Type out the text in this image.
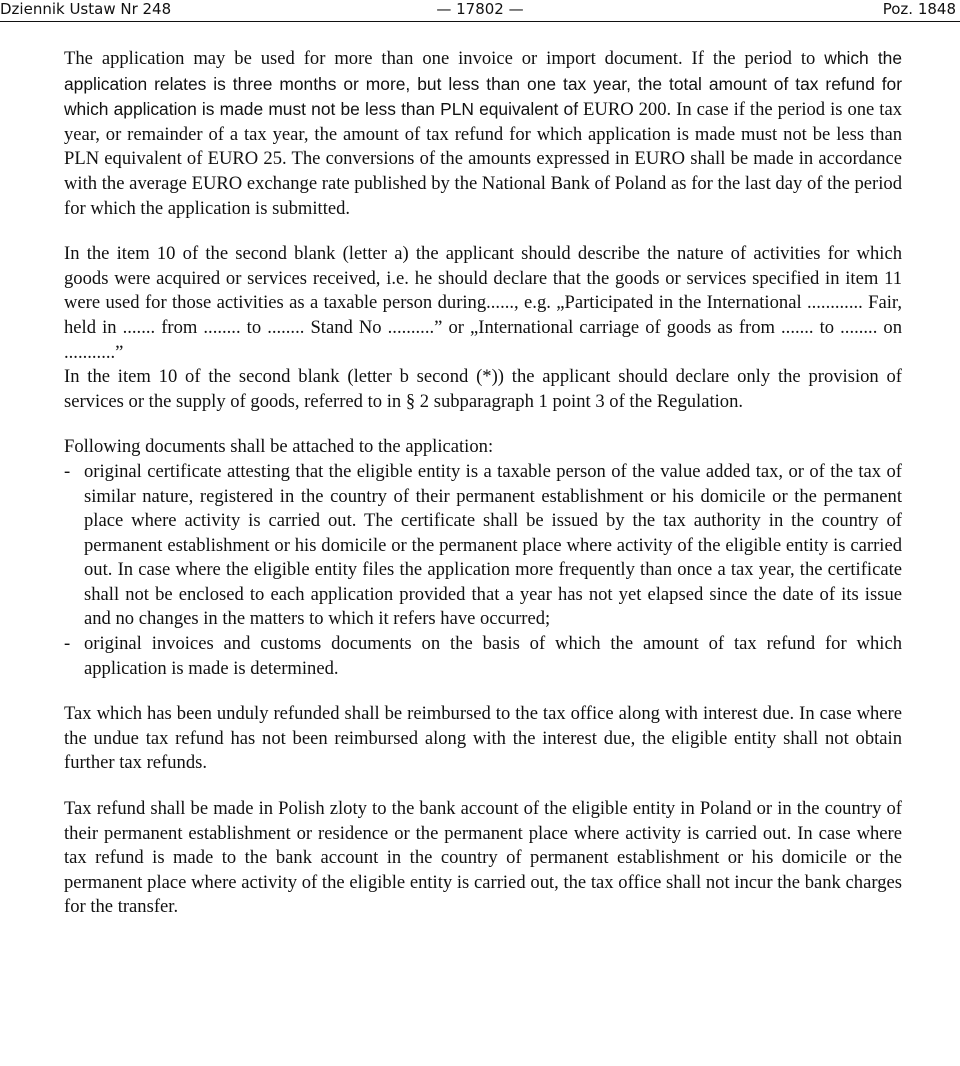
Dziennik Ustaw Nr 248	— 17802 —	Poz. 1848

The application may be used for more than one invoice or import document. If the period to which the application relates is three months or more, but less than one tax year, the total amount of tax refund for which application is made must not be less than PLN equivalent of EURO 200. In case if the period is one tax year, or remainder of a tax year, the amount of tax refund for which application is made must not be less than PLN equivalent of EURO 25. The conversions of the amounts expressed in EURO shall be made in accordance with the average EURO exchange rate published by the National Bank of Poland as for the last day of the period for which the application is submitted.

In the item 10 of the second blank (letter a) the applicant should describe the nature of activities for which goods were acquired or services received, i.e. he should declare that the goods or services specified in item 11 were used for those activities as a taxable person during......, e.g. „Participated in the International ............ Fair, held in ....... from ........ to ........ Stand No ..........” or „International carriage of goods as from ....... to ........ on ...........”

In the item 10 of the second blank (letter b second (*)) the applicant should declare only the provision of services or the supply of goods, referred to in § 2 subparagraph 1 point 3 of the Regulation.

Following documents shall be attached to the application:

- original certificate attesting that the eligible entity is a taxable person of the value added tax, or of the tax of similar nature, registered in the country of their permanent establishment or his domicile or the permanent place where activity is carried out. The certificate shall be issued by the tax authority in the country of permanent establishment or his domicile or the permanent place where activity of the eligible entity is carried out. In case where the eligible entity files the application more frequently than once a tax year, the certificate shall not be enclosed to each application provided that a year has not yet elapsed since the date of its issue and no changes in the matters to which it refers have occurred;
- original invoices and customs documents on the basis of which the amount of tax refund for which application is made is determined.

Tax which has been unduly refunded shall be reimbursed to the tax office along with interest due. In case where the undue tax refund has not been reimbursed along with the interest due, the eligible entity shall not obtain further tax refunds.

Tax refund shall be made in Polish zloty to the bank account of the eligible entity in Poland or in the country of their permanent establishment or residence or the permanent place where activity is carried out. In case where tax refund is made to the bank account in the country of permanent establishment or his domicile or the permanent place where activity of the eligible entity is carried out, the tax office shall not incur the bank charges for the transfer.
